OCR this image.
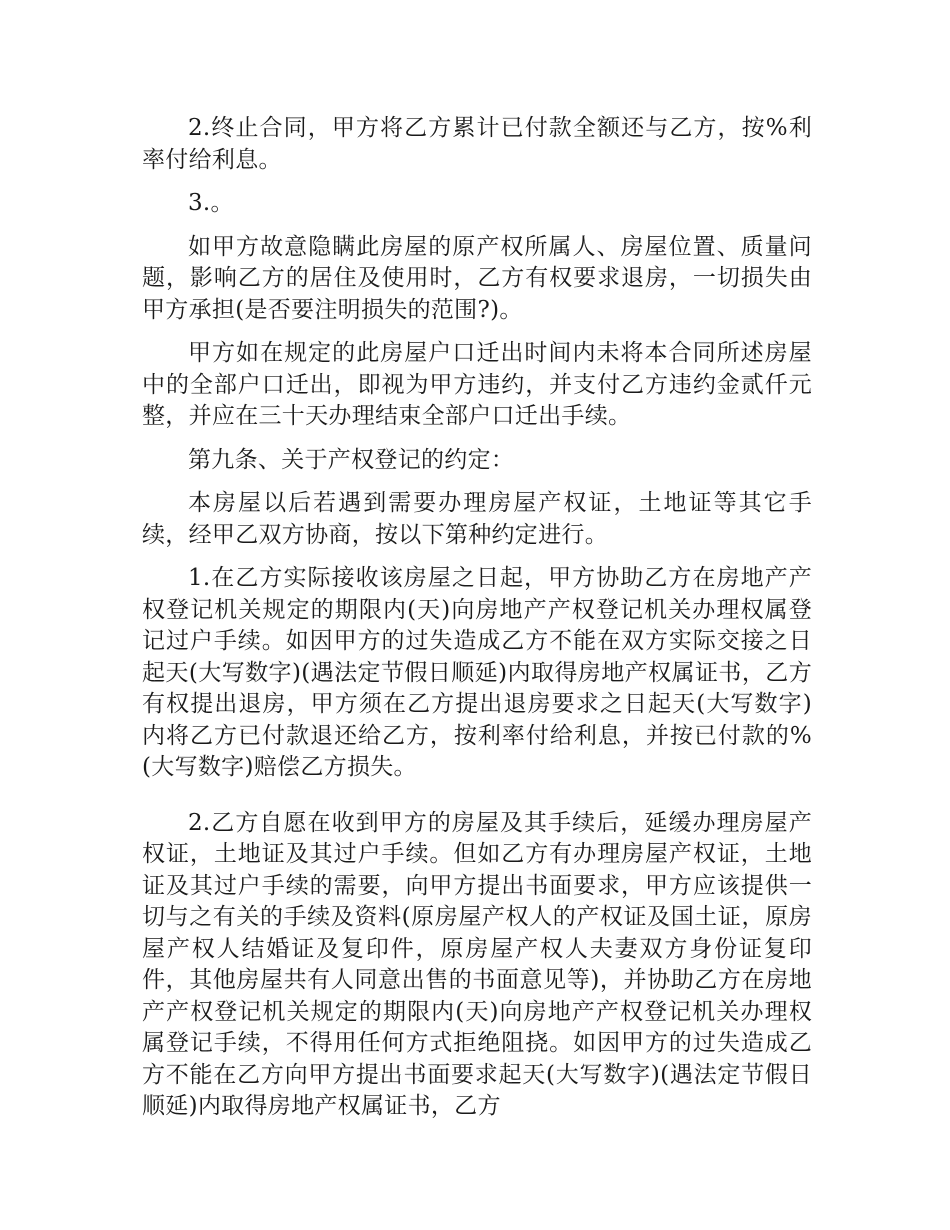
2.终止合同，甲方将乙方累计已付款全额还与乙方，按%利率付给利息。

3.。

如甲方故意隐瞒此房屋的原产权所属人、房屋位置、质量问题，影响乙方的居住及使用时，乙方有权要求退房，一切损失由甲方承担(是否要注明损失的范围?)。

甲方如在规定的此房屋户口迁出时间内未将本合同所述房屋中的全部户口迁出，即视为甲方违约，并支付乙方违约金贰仟元整，并应在三十天办理结束全部户口迁出手续。

第九条、关于产权登记的约定：

本房屋以后若遇到需要办理房屋产权证，土地证等其它手续，经甲乙双方协商，按以下第种约定进行。

1.在乙方实际接收该房屋之日起，甲方协助乙方在房地产产权登记机关规定的期限内(天)向房地产产权登记机关办理权属登记过户手续。如因甲方的过失造成乙方不能在双方实际交接之日起天(大写数字)(遇法定节假日顺延)内取得房地产权属证书，乙方有权提出退房，甲方须在乙方提出退房要求之日起天(大写数字)内将乙方已付款退还给乙方，按利率付给利息，并按已付款的%(大写数字)赔偿乙方损失。

2.乙方自愿在收到甲方的房屋及其手续后，延缓办理房屋产权证，土地证及其过户手续。但如乙方有办理房屋产权证，土地证及其过户手续的需要，向甲方提出书面要求，甲方应该提供一切与之有关的手续及资料(原房屋产权人的产权证及国土证，原房屋产权人结婚证及复印件，原房屋产权人夫妻双方身份证复印件，其他房屋共有人同意出售的书面意见等)，并协助乙方在房地产产权登记机关规定的期限内(天)向房地产产权登记机关办理权属登记手续，不得用任何方式拒绝阻挠。如因甲方的过失造成乙方不能在乙方向甲方提出书面要求起天(大写数字)(遇法定节假日顺延)内取得房地产权属证书，乙方
